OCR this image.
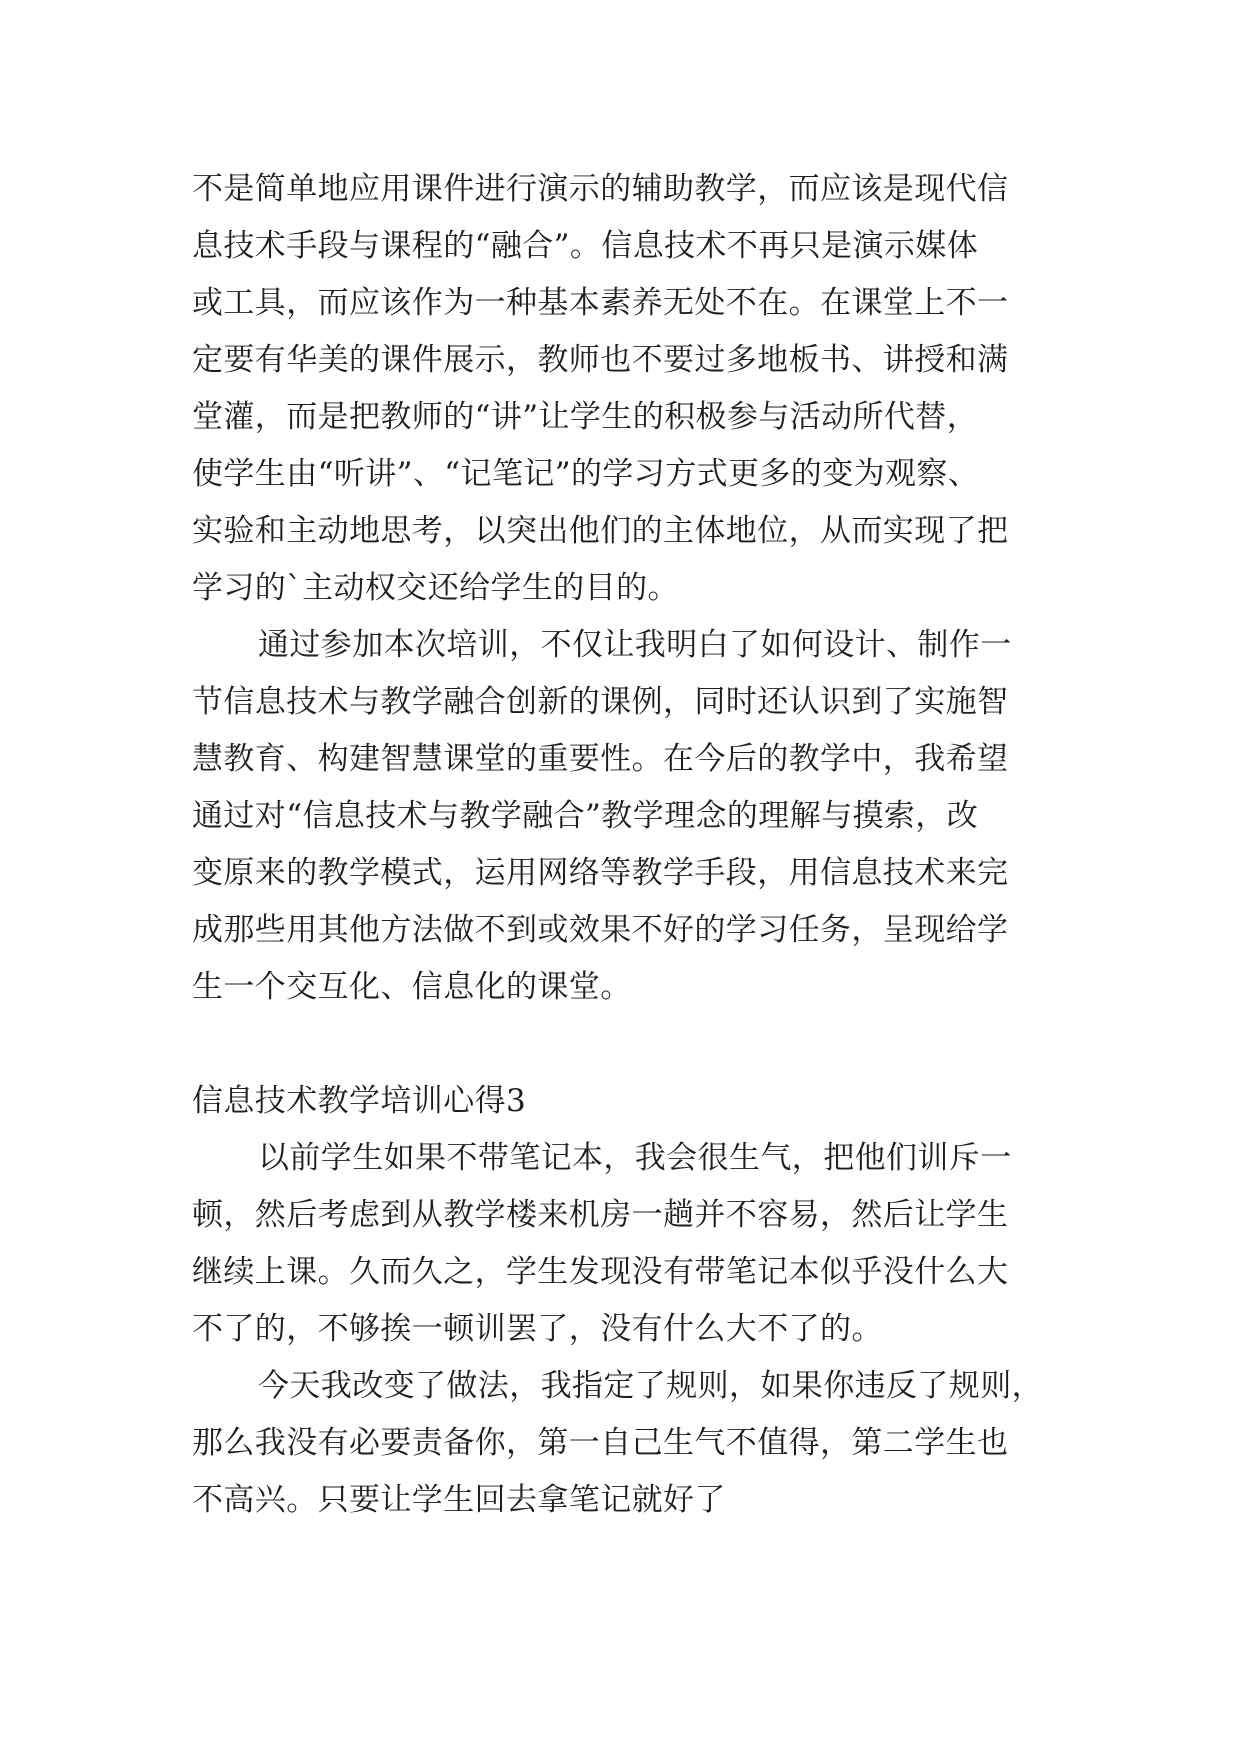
不是简单地应用课件进行演示的辅助教学，而应该是现代信
息技术手段与课程的“融合”。信息技术不再只是演示媒体
或工具，而应该作为一种基本素养无处不在。在课堂上不一
定要有华美的课件展示，教师也不要过多地板书、讲授和满
堂灌，而是把教师的“讲”让学生的积极参与活动所代替，
使学生由“听讲”、“记笔记”的学习方式更多的变为观察、
实验和主动地思考，以突出他们的主体地位，从而实现了把
学习的`主动权交还给学生的目的。
通过参加本次培训，不仅让我明白了如何设计、制作一
节信息技术与教学融合创新的课例，同时还认识到了实施智
慧教育、构建智慧课堂的重要性。在今后的教学中，我希望
通过对“信息技术与教学融合”教学理念的理解与摸索，改
变原来的教学模式，运用网络等教学手段，用信息技术来完
成那些用其他方法做不到或效果不好的学习任务，呈现给学
生一个交互化、信息化的课堂。
信息技术教学培训心得3
以前学生如果不带笔记本，我会很生气，把他们训斥一
顿，然后考虑到从教学楼来机房一趟并不容易，然后让学生
继续上课。久而久之，学生发现没有带笔记本似乎没什么大
不了的，不够挨一顿训罢了，没有什么大不了的。
今天我改变了做法，我指定了规则，如果你违反了规则，
那么我没有必要责备你，第一自己生气不值得，第二学生也
不高兴。只要让学生回去拿笔记就好了
